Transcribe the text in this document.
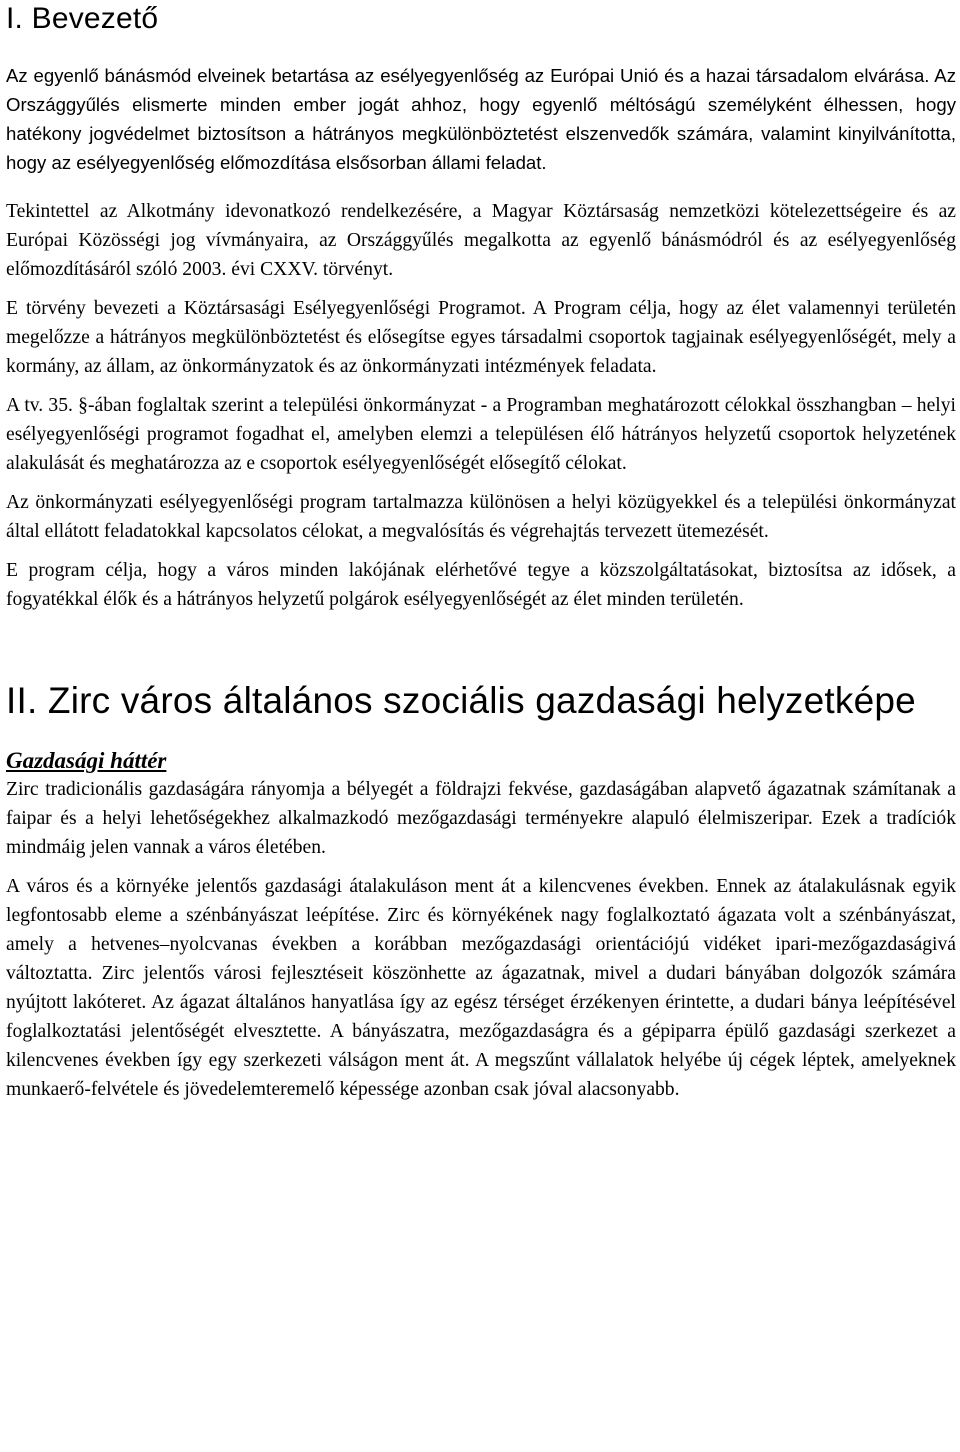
I. Bevezető

Az egyenlő bánásmód elveinek betartása az esélyegyenlőség az Európai Unió és a hazai társadalom elvárása. Az Országgyűlés elismerte minden ember jogát ahhoz, hogy egyenlő méltóságú személyként élhessen, hogy hatékony jogvédelmet biztosítson a hátrányos megkülönböztetést elszenvedők számára, valamint kinyilvánította, hogy az esélyegyenlőség előmozdítása elsősorban állami feladat.

Tekintettel az Alkotmány idevonatkozó rendelkezésére, a Magyar Köztársaság nemzetközi kötelezettségeire és az Európai Közösségi jog vívmányaira, az Országgyűlés megalkotta az egyenlő bánásmódról és az esélyegyenlőség előmozdításáról szóló 2003. évi CXXV. törvényt.

E törvény bevezeti a Köztársasági Esélyegyenlőségi Programot. A Program célja, hogy az élet valamennyi területén megelőzze a hátrányos megkülönböztetést és elősegítse egyes társadalmi csoportok tagjainak esélyegyenlőségét, mely a kormány, az állam, az önkormányzatok és az önkormányzati intézmények feladata.

A tv. 35. §-ában foglaltak szerint a települési önkormányzat - a Programban meghatározott célokkal összhangban – helyi esélyegyenlőségi programot fogadhat el, amelyben elemzi a településen élő hátrányos helyzetű csoportok helyzetének alakulását és meghatározza az e csoportok esélyegyenlőségét elősegítő célokat.

Az önkormányzati esélyegyenlőségi program tartalmazza különösen a helyi közügyekkel és a települési önkormányzat által ellátott feladatokkal kapcsolatos célokat, a megvalósítás és végrehajtás tervezett ütemezését.

E program célja, hogy a város minden lakójának elérhetővé tegye a közszolgáltatásokat, biztosítsa az idősek, a fogyatékkal élők és a hátrányos helyzetű polgárok esélyegyenlőségét az élet minden területén.

II. Zirc város általános szociális gazdasági helyzetképe
Gazdasági háttér

Zirc tradicionális gazdaságára rányomja a bélyegét a földrajzi fekvése, gazdaságában alapvető ágazatnak számítanak a faipar és a helyi lehetőségekhez alkalmazkodó mezőgazdasági terményekre alapuló élelmiszeripar. Ezek a tradíciók mindmáig jelen vannak a város életében.

A város és a környéke jelentős gazdasági átalakuláson ment át a kilencvenes években. Ennek az átalakulásnak egyik legfontosabb eleme a szénbányászat leépítése. Zirc és környékének nagy foglalkoztató ágazata volt a szénbányászat, amely a hetvenes–nyolcvanas években a korábban mezőgazdasági orientációjú vidéket ipari-mezőgazdaságivá változtatta. Zirc jelentős városi fejlesztéseit köszönhette az ágazatnak, mivel a dudari bányában dolgozók számára nyújtott lakóteret. Az ágazat általános hanyatlása így az egész térséget érzékenyen érintette, a dudari bánya leépítésével foglalkoztatási jelentőségét elvesztette. A bányászatra, mezőgazdaságra és a gépiparra épülő gazdasági szerkezet a kilencvenes években így egy szerkezeti válságon ment át. A megszűnt vállalatok helyébe új cégek léptek, amelyeknek munkaerő-felvétele és jövedelemteremelő képessége azonban csak jóval alacsonyabb.
